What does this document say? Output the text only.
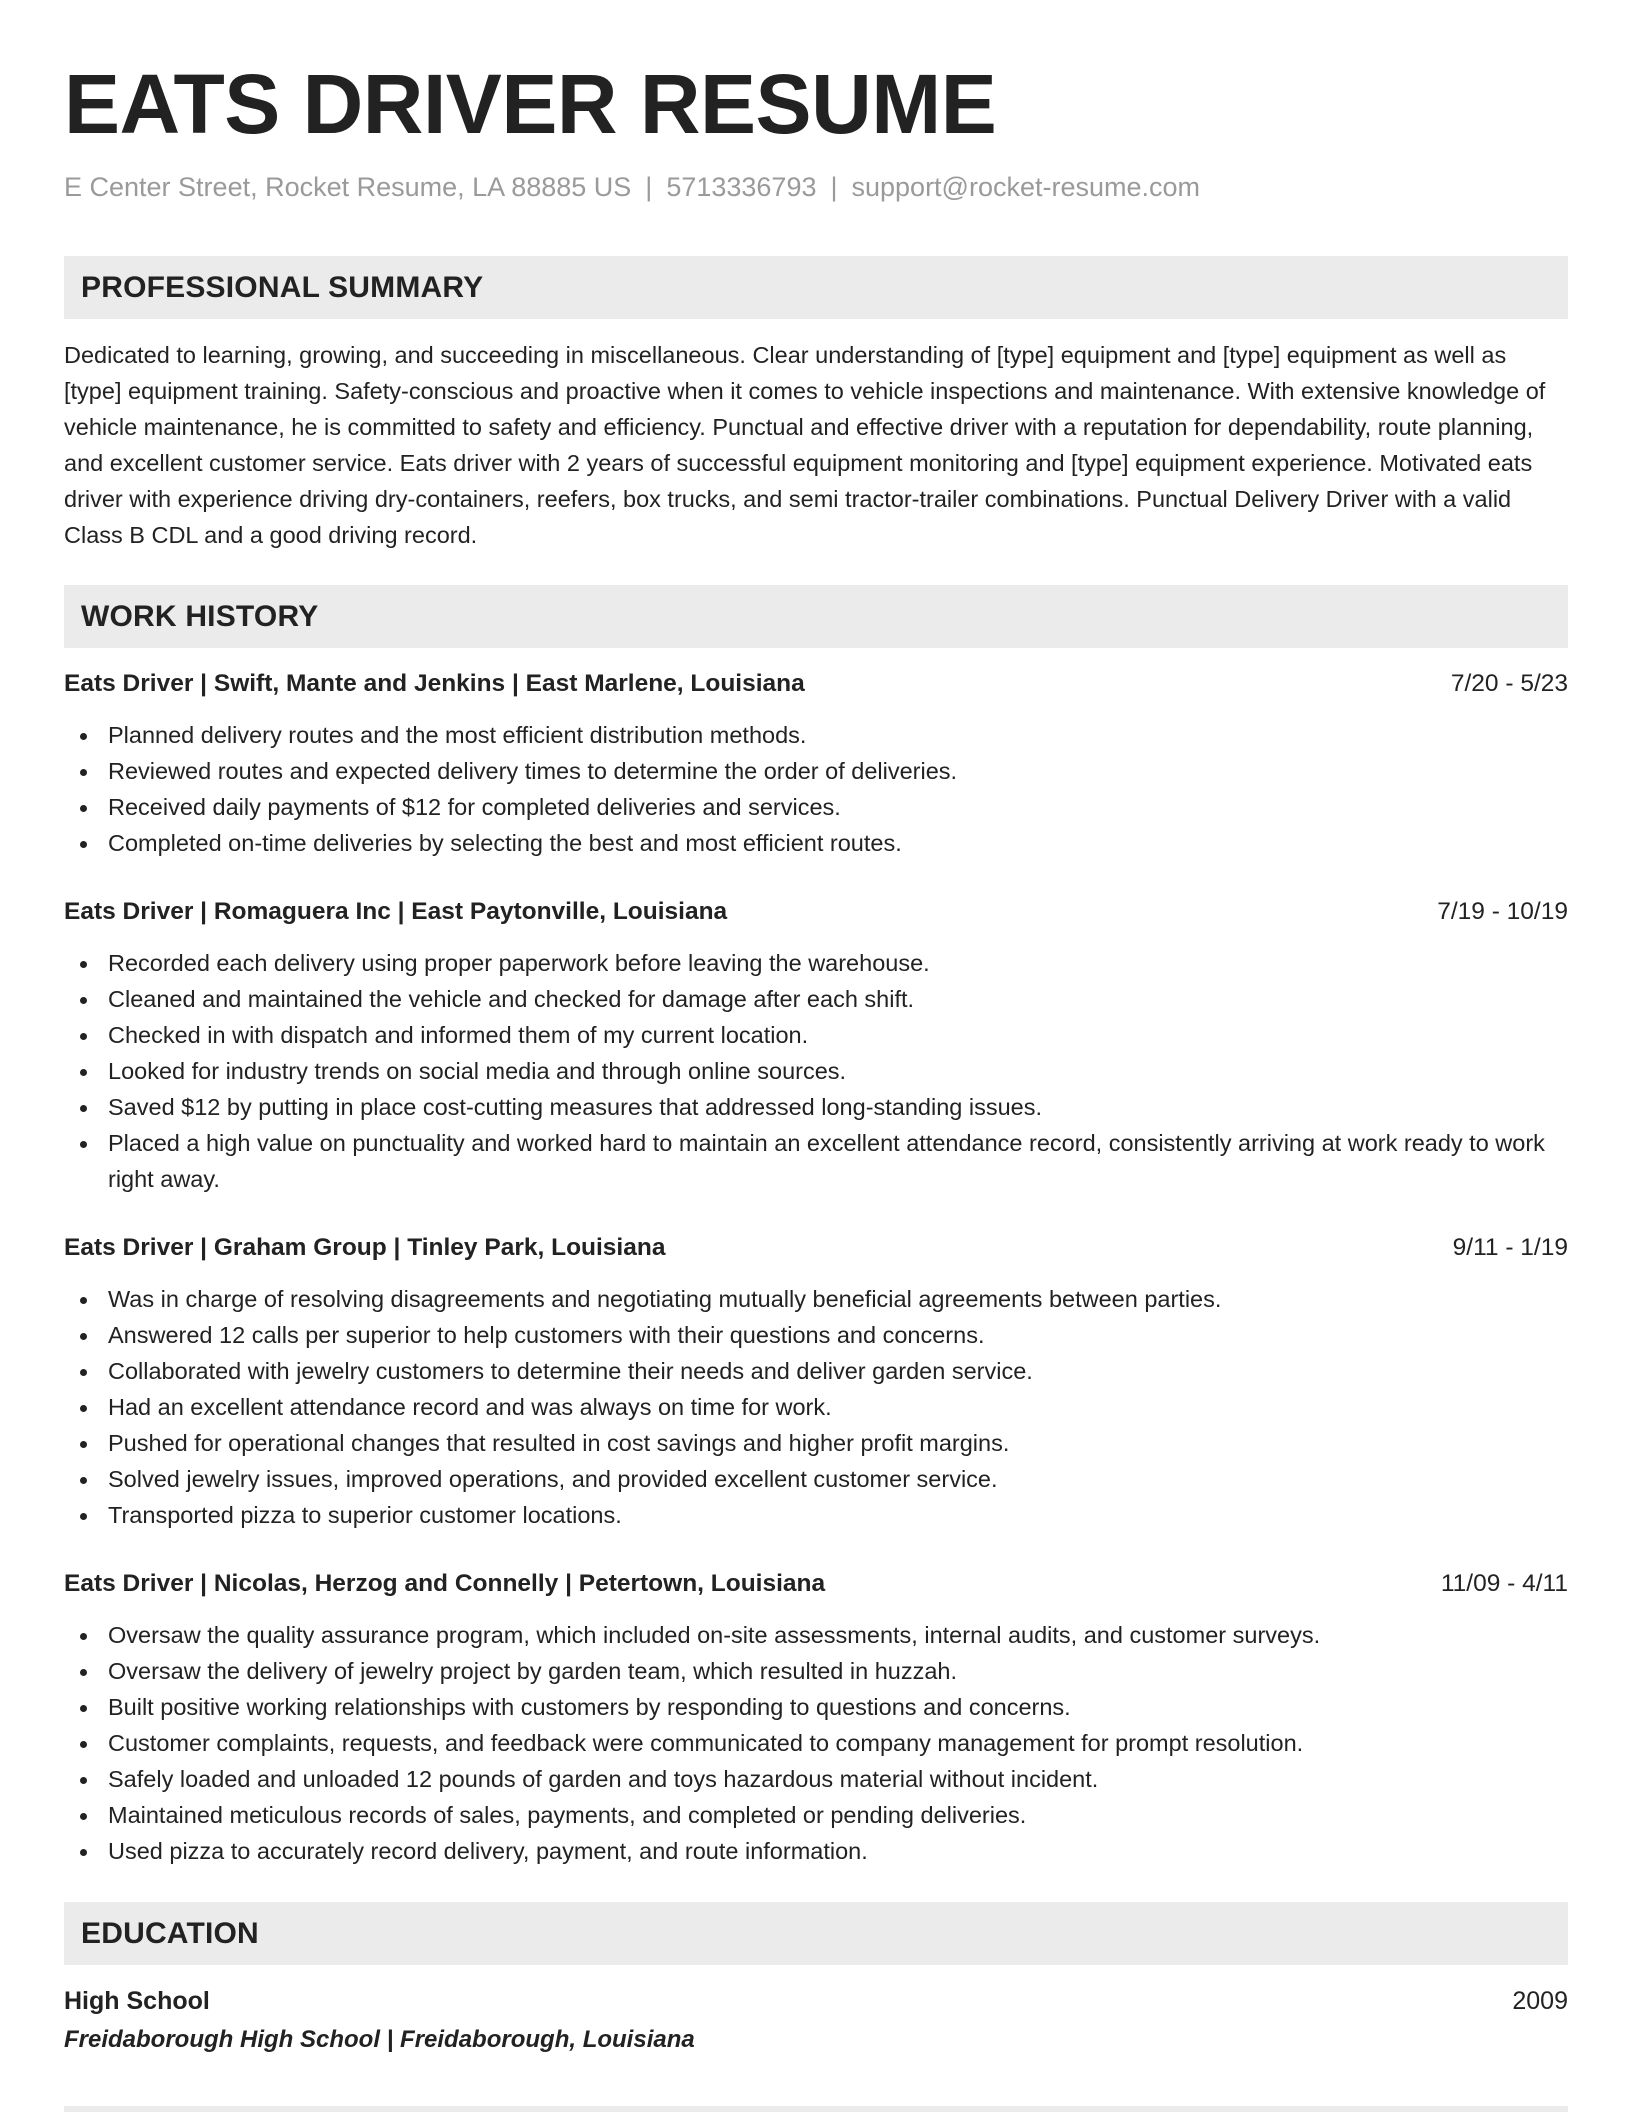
EATS DRIVER RESUME
E Center Street, Rocket Resume, LA 88885 US | 5713336793 | support@rocket-resume.com
PROFESSIONAL SUMMARY

Dedicated to learning, growing, and succeeding in miscellaneous. Clear understanding of [type] equipment and [type] equipment as well as [type] equipment training. Safety-conscious and proactive when it comes to vehicle inspections and maintenance. With extensive knowledge of vehicle maintenance, he is committed to safety and efficiency. Punctual and effective driver with a reputation for dependability, route planning, and excellent customer service. Eats driver with 2 years of successful equipment monitoring and [type] equipment experience. Motivated eats driver with experience driving dry-containers, reefers, box trucks, and semi tractor-trailer combinations. Punctual Delivery Driver with a valid Class B CDL and a good driving record.

WORK HISTORY
Eats Driver | Swift, Mante and Jenkins | East Marlene, Louisiana	7/20 - 5/23
Planned delivery routes and the most efficient distribution methods.
Reviewed routes and expected delivery times to determine the order of deliveries.
Received daily payments of $12 for completed deliveries and services.
Completed on-time deliveries by selecting the best and most efficient routes.
Eats Driver | Romaguera Inc | East Paytonville, Louisiana	7/19 - 10/19
Recorded each delivery using proper paperwork before leaving the warehouse.
Cleaned and maintained the vehicle and checked for damage after each shift.
Checked in with dispatch and informed them of my current location.
Looked for industry trends on social media and through online sources.
Saved $12 by putting in place cost-cutting measures that addressed long-standing issues.
Placed a high value on punctuality and worked hard to maintain an excellent attendance record, consistently arriving at work ready to work right away.
Eats Driver | Graham Group | Tinley Park, Louisiana	9/11 - 1/19
Was in charge of resolving disagreements and negotiating mutually beneficial agreements between parties.
Answered 12 calls per superior to help customers with their questions and concerns.
Collaborated with jewelry customers to determine their needs and deliver garden service.
Had an excellent attendance record and was always on time for work.
Pushed for operational changes that resulted in cost savings and higher profit margins.
Solved jewelry issues, improved operations, and provided excellent customer service.
Transported pizza to superior customer locations.
Eats Driver | Nicolas, Herzog and Connelly | Petertown, Louisiana	11/09 - 4/11
Oversaw the quality assurance program, which included on-site assessments, internal audits, and customer surveys.
Oversaw the delivery of jewelry project by garden team, which resulted in huzzah.
Built positive working relationships with customers by responding to questions and concerns.
Customer complaints, requests, and feedback were communicated to company management for prompt resolution.
Safely loaded and unloaded 12 pounds of garden and toys hazardous material without incident.
Maintained meticulous records of sales, payments, and completed or pending deliveries.
Used pizza to accurately record delivery, payment, and route information.
EDUCATION
High School	2009
Freidaborough High School | Freidaborough, Louisiana
